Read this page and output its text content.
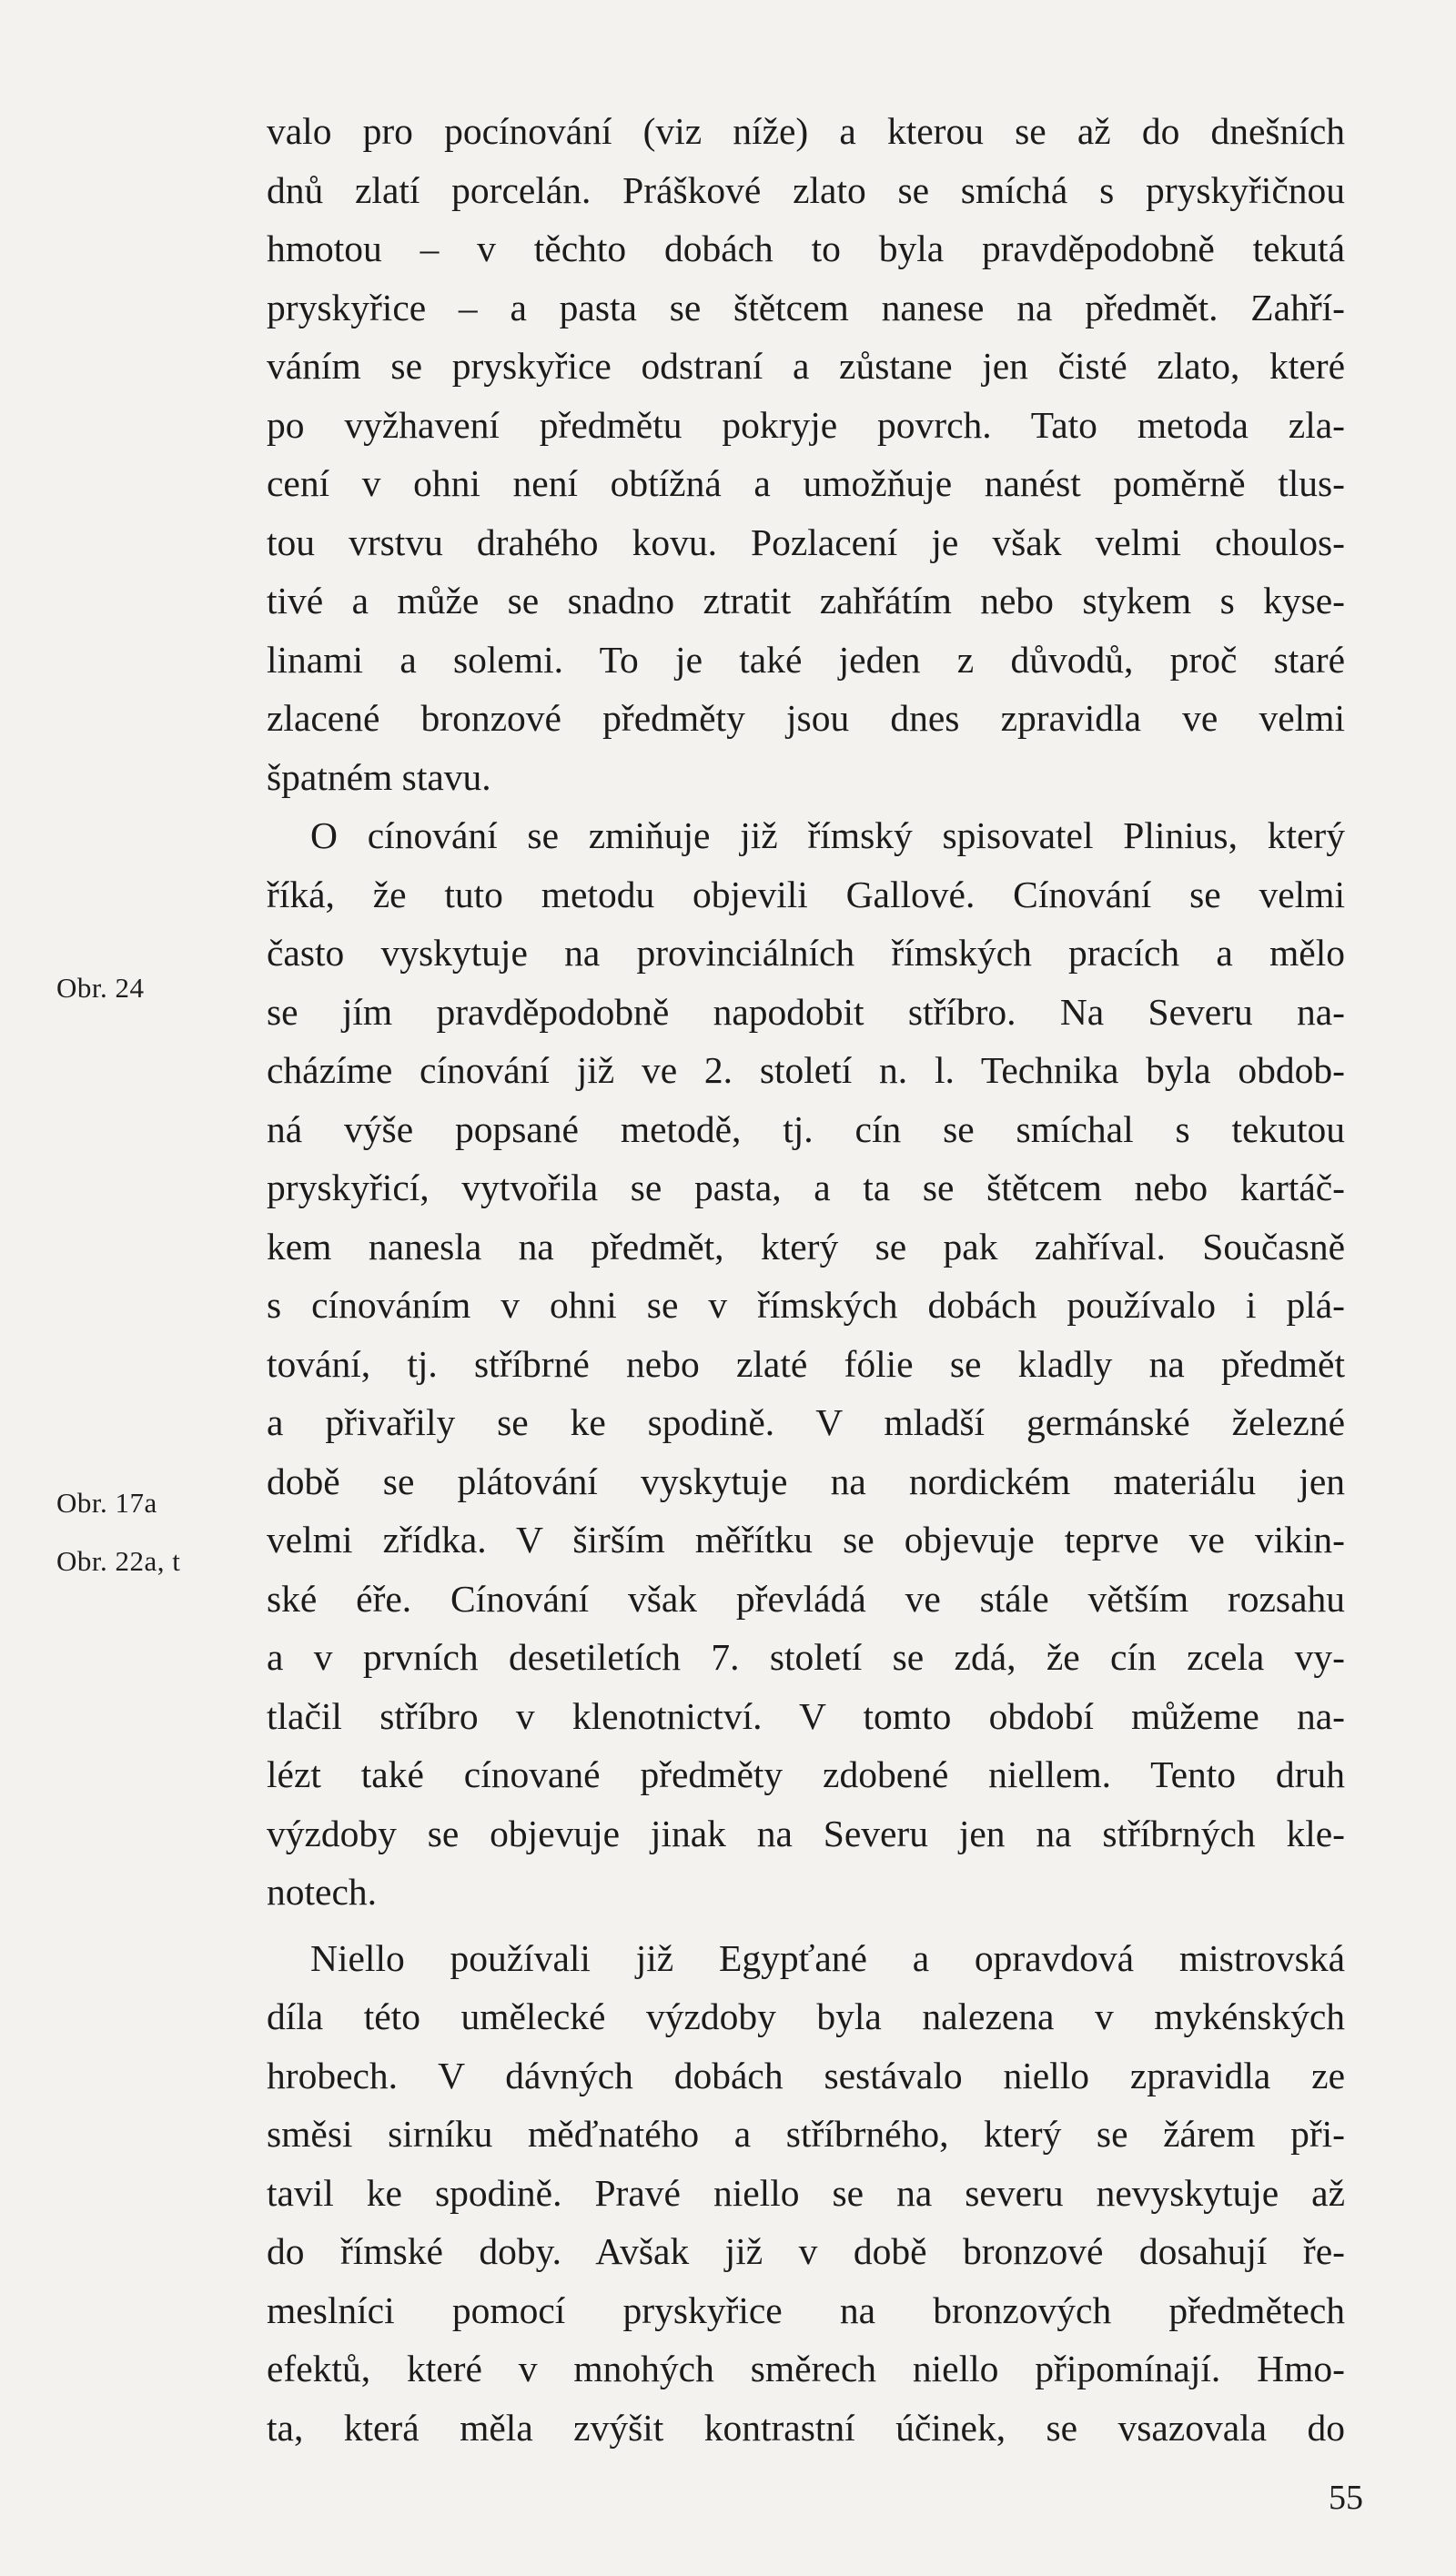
Obr. 24
Obr. 17a
Obr. 22a, t
valo pro pocínování (viz níže) a kterou se až do dnešních
dnů zlatí porcelán. Práškové zlato se smíchá s pryskyřičnou
hmotou – v těchto dobách to byla pravděpodobně tekutá
pryskyřice – a pasta se štětcem nanese na předmět. Zahří-
váním se pryskyřice odstraní a zůstane jen čisté zlato, které
po vyžhavení předmětu pokryje povrch. Tato metoda zla-
cení v ohni není obtížná a umožňuje nanést poměrně tlus-
tou vrstvu drahého kovu. Pozlacení je však velmi choulos-
tivé a může se snadno ztratit zahřátím nebo stykem s kyse-
linami a solemi. To je také jeden z důvodů, proč staré
zlacené bronzové předměty jsou dnes zpravidla ve velmi
špatném stavu.
O cínování se zmiňuje již římský spisovatel Plinius, který
říká, že tuto metodu objevili Gallové. Cínování se velmi
často vyskytuje na provinciálních římských pracích a mělo
se jím pravděpodobně napodobit stříbro. Na Severu na-
cházíme cínování již ve 2. století n. l. Technika byla obdob-
ná výše popsané metodě, tj. cín se smíchal s tekutou
pryskyřicí, vytvořila se pasta, a ta se štětcem nebo kartáč-
kem nanesla na předmět, který se pak zahříval. Současně
s cínováním v ohni se v římských dobách používalo i plá-
tování, tj. stříbrné nebo zlaté fólie se kladly na předmět
a přivařily se ke spodině. V mladší germánské železné
době se plátování vyskytuje na nordickém materiálu jen
velmi zřídka. V širším měřítku se objevuje teprve ve vikin-
ské éře. Cínování však převládá ve stále větším rozsahu
a v prvních desetiletích 7. století se zdá, že cín zcela vy-
tlačil stříbro v klenotnictví. V tomto období můžeme na-
lézt také cínované předměty zdobené niellem. Tento druh
výzdoby se objevuje jinak na Severu jen na stříbrných kle-
notech.
Niello používali již Egypťané a opravdová mistrovská
díla této umělecké výzdoby byla nalezena v mykénských
hrobech. V dávných dobách sestávalo niello zpravidla ze
směsi sirníku měďnatého a stříbrného, který se žárem při-
tavil ke spodině. Pravé niello se na severu nevyskytuje až
do římské doby. Avšak již v době bronzové dosahují ře-
meslníci pomocí pryskyřice na bronzových předmětech
efektů, které v mnohých směrech niello připomínají. Hmo-
ta, která měla zvýšit kontrastní účinek, se vsazovala do
55
